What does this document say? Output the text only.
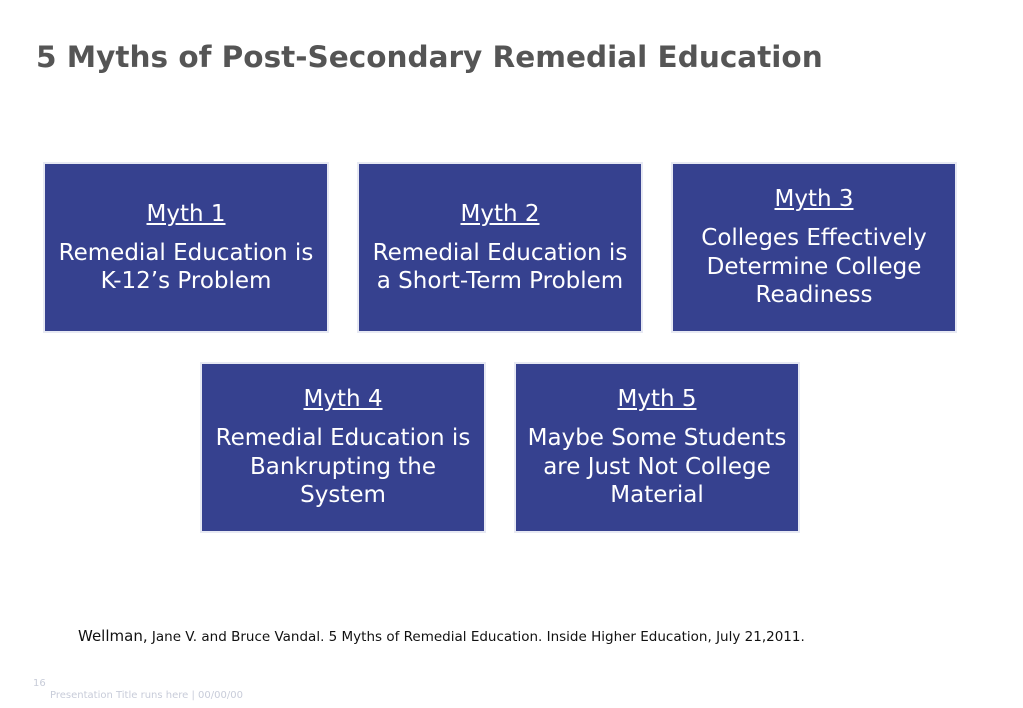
5 Myths of Post-Secondary Remedial Education
Myth 1
Remedial Education is K-12’s Problem
Myth 2
Remedial Education is a Short-Term Problem
Myth 3
Colleges Effectively Determine College Readiness
Myth 4
Remedial Education is Bankrupting the System
Myth 5
Maybe Some Students are Just Not College Material
Wellman, Jane V. and Bruce Vandal. 5 Myths of Remedial Education. Inside Higher Education, July 21,2011.
16
Presentation Title runs here | 00/00/00
